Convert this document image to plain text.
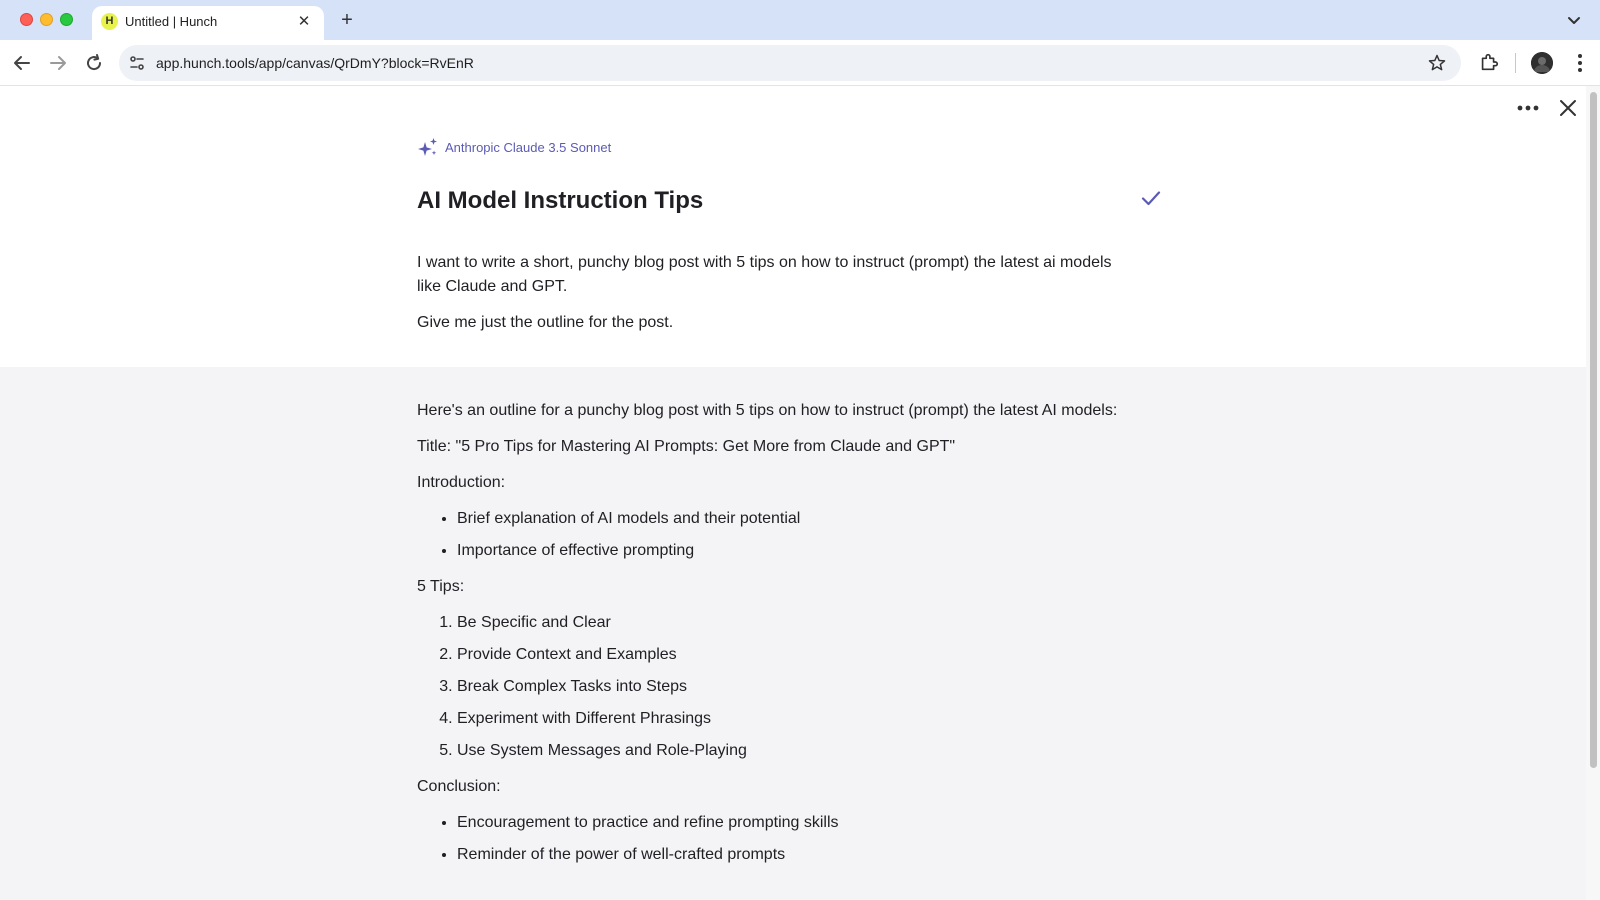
H Untitled | Hunch	✕	+
app.hunch.tools/app/canvas/QrDmY?block=RvEnR
Anthropic Claude 3.5 Sonnet
AI Model Instruction Tips

I want to write a short, punchy blog post with 5 tips on how to instruct (prompt) the latest ai models like Claude and GPT.

Give me just the outline for the post.

Here's an outline for a punchy blog post with 5 tips on how to instruct (prompt) the latest AI models:

Title: "5 Pro Tips for Mastering AI Prompts: Get More from Claude and GPT"

Introduction:

• Brief explanation of AI models and their potential
• Importance of effective prompting

5 Tips:

1. Be Specific and Clear
2. Provide Context and Examples
3. Break Complex Tasks into Steps
4. Experiment with Different Phrasings
5. Use System Messages and Role-Playing

Conclusion:

• Encouragement to practice and refine prompting skills
• Reminder of the power of well-crafted prompts
